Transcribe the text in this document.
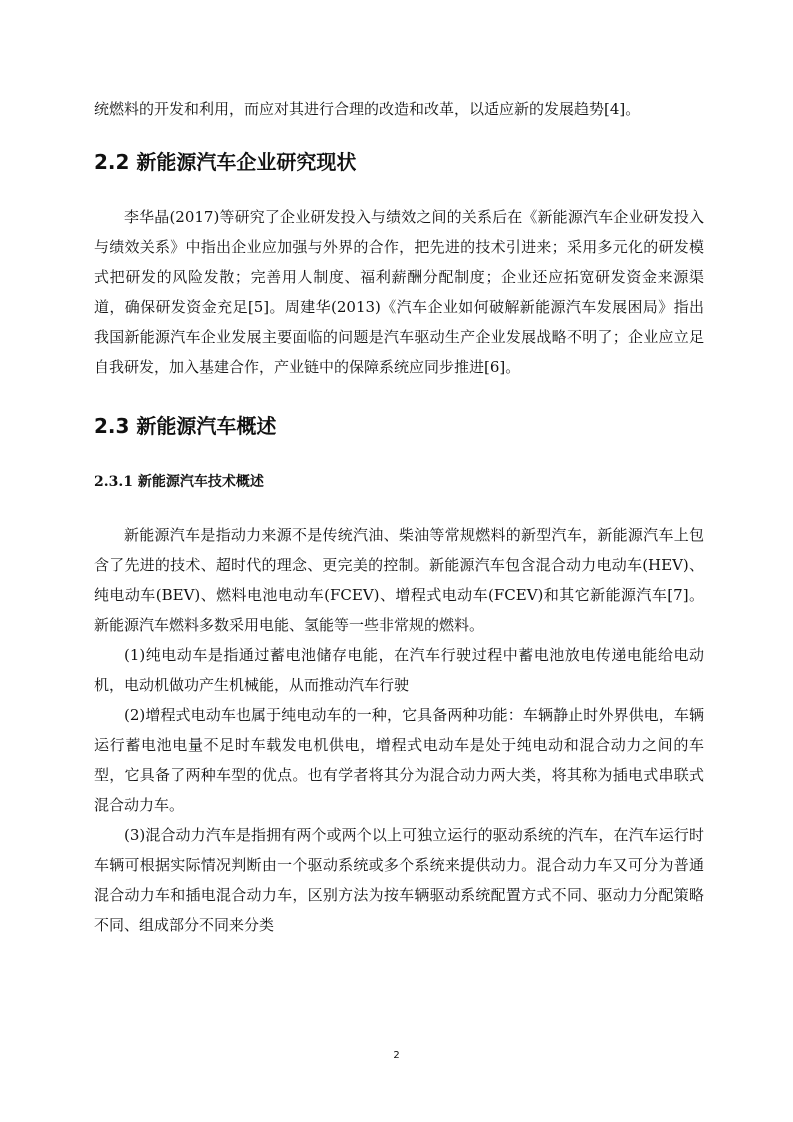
统燃料的开发和利用，而应对其进行合理的改造和改革，以适应新的发展趋势[4]。

2.2 新能源汽车企业研究现状

李华晶(2017)等研究了企业研发投入与绩效之间的关系后在《新能源汽车企业研发投入与绩效关系》中指出企业应加强与外界的合作，把先进的技术引进来；采用多元化的研发模式把研发的风险发散；完善用人制度、福利薪酬分配制度；企业还应拓宽研发资金来源渠道，确保研发资金充足[5]。周建华(2013)《汽车企业如何破解新能源汽车发展困局》指出我国新能源汽车企业发展主要面临的问题是汽车驱动生产企业发展战略不明了；企业应立足自我研发，加入基建合作，产业链中的保障系统应同步推进[6]。

2.3 新能源汽车概述
2.3.1 新能源汽车技术概述

新能源汽车是指动力来源不是传统汽油、柴油等常规燃料的新型汽车，新能源汽车上包含了先进的技术、超时代的理念、更完美的控制。新能源汽车包含混合动力电动车(HEV)、纯电动车(BEV)、燃料电池电动车(FCEV)、增程式电动车(FCEV)和其它新能源汽车[7]。新能源汽车燃料多数采用电能、氢能等一些非常规的燃料。

(1)纯电动车是指通过蓄电池储存电能，在汽车行驶过程中蓄电池放电传递电能给电动机，电动机做功产生机械能，从而推动汽车行驶

(2)增程式电动车也属于纯电动车的一种，它具备两种功能：车辆静止时外界供电，车辆运行蓄电池电量不足时车载发电机供电，增程式电动车是处于纯电动和混合动力之间的车型，它具备了两种车型的优点。也有学者将其分为混合动力两大类，将其称为插电式串联式混合动力车。

(3)混合动力汽车是指拥有两个或两个以上可独立运行的驱动系统的汽车，在汽车运行时车辆可根据实际情况判断由一个驱动系统或多个系统来提供动力。混合动力车又可分为普通混合动力车和插电混合动力车，区别方法为按车辆驱动系统配置方式不同、驱动力分配策略不同、组成部分不同来分类

2
